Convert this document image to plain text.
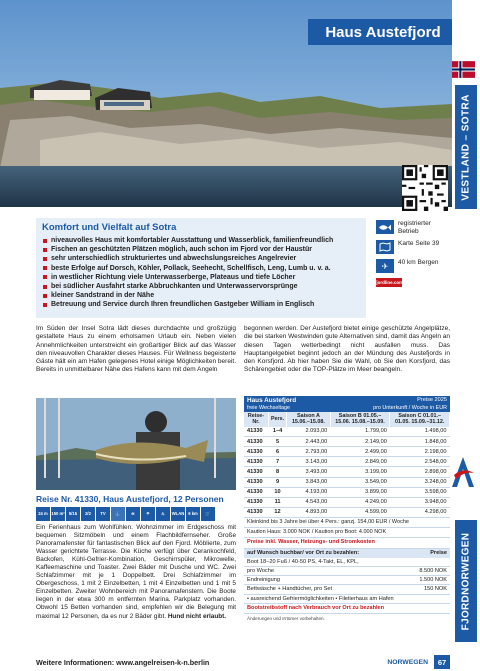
Haus Austefjord
VESTLAND – SOTRA
FJORDNORWEGEN
Komfort und Vielfalt auf Sotra
niveauvolles Haus mit komfortabler Ausstattung und Wasserblick, familienfreundlich
Fischen an geschützten Plätzen möglich, auch schon im Fjord vor der Haustür
sehr unterschiedlich strukturiertes und abwechslungsreiches Angelrevier
beste Erfolge auf Dorsch, Köhler, Pollack, Seehecht, Schellfisch, Leng, Lumb u. v. a.
in westlicher Richtung viele Unterwasserberge, Plateaus und tiefe Löcher
bei südlicher Ausfahrt starke Abbruchkanten und Unterwasservorsprünge
kleiner Sandstrand in der Nähe
Betreuung und Service durch Ihren freundlichen Gastgeber William in Englisch
registrierter Betrieb
Karte Seite 39
✈	40 km Bergen
fjordline.com

Im Süden der Insel Sotra lädt dieses durchdachte und großzügig gestaltete Haus zu einem erholsamen Urlaub ein. Neben vielen Annehmlichkeiten unterstreicht ein großartiger Blick auf das Wasser den niveauvollen Charakter dieses Hauses. Für Wellness begeisterte Gäste hält ein am Hafen gelegenes Hotel einige Möglichkeiten bereit. Bereits in unmittelbarer Nähe des Hafens kann mit dem Angeln

begonnen werden. Der Austefjord bietet einige geschützte Angelplätze, die bei starken Westwinden gute Alternativen sind, damit das Angeln an diesen Tagen wetterbedingt nicht ausfallen muss. Das Hauptangelgebiet beginnt jedoch an der Mündung des Austefjords in den Korsfjord. Ab hier haben Sie die Wahl, ob Sie den Korsfjord, das Schärengebiet oder die TOP-Plätze im Meer beangeln.

Reise Nr. 41330, Haus Austefjord, 12 Personen
24 m 150 m²	5/15	2/2	TV	⚓	≋	☂	♨	WLAN 6 km	🛒

Ein Ferienhaus zum Wohlfühlen. Wohnzimmer im Erdgeschoss mit bequemen Sitzmöbeln und einem Flachbildfernseher. Große Panoramafenster für fantastischen Blick auf den Fjord. Möblierte, zum Wasser gerichtete Terrasse. Die Küche verfügt über Cerankochfeld, Backofen, Kühl-Gefrier-Kombination, Geschirrspüler, Mikrowelle, Kaffeemaschine und Toaster. Zwei Bäder mit Dusche und WC. Zwei Schlafzimmer mit je 1 Doppelbett. Drei Schlafzimmer im Obergeschoss, 1 mit 2 Einzelbetten, 1 mit 4 Einzelbetten und 1 mit 5 Einzelbetten. Zweiter Wohnbereich mit Panoramafenstern. Die Boote liegen in der etwa 300 m entfernten Marina. Parkplatz vorhanden. Obwohl 15 Betten vorhanden sind, empfehlen wir die Belegung mit maximal 12 Personen, da es nur 2 Bäder gibt. Hund nicht erlaubt.

Haus Austefjord	Preise 2025
freie Wechseltage	pro Unterkunft / Woche in EUR
Reise-Nr.	Pers.	Saison A 15.06.–15.08.	Saison B 01.05.–15.06. 15.08.–15.09.	Saison C 01.01.–01.05. 15.09.–31.12.
41330	1–4	2.093,00	1.799,00	1.498,00
41330	5	2.443,00	2.149,00	1.848,00
41330	6	2.793,00	2.499,00	2.198,00
41330	7	3.143,00	2.849,00	2.548,00
41330	8	3.493,00	3.199,00	2.898,00
41330	9	3.843,00	3.549,00	3.248,00
41330	10	4.193,00	3.899,00	3.598,00
41330	11	4.543,00	4.249,00	3.948,00
41330	12	4.893,00	4.599,00	4.298,00
Kleinkind bis 3 Jahre bei über 4 Pers.: ganzj. 154,00 EUR / Woche
Kaution Haus: 3.000 NOK / Kaution pro Boot: 4.000 NOK
Preise inkl. Wasser, Heizungs- und Stromkosten
auf Wunsch buchbar/ vor Ort zu bezahlen:	Preise
Boot 18–20 Fuß / 40-50 PS, 4-Takt, EL, KPL,
pro Woche	8.500 NOK
Endreinigung	1.500 NOK
Bettwäsche + Handtücher, pro Set	150 NOK
• ausreichend Gefriermöglichkeiten • Filetierhaus am Hafen
Bootstreibstoff nach Verbrauch vor Ort zu bezahlen
Änderungen und Irrtümer vorbehalten.
Weitere Informationen: www.angelreisen-k-n.berlin	NORWEGEN	67
